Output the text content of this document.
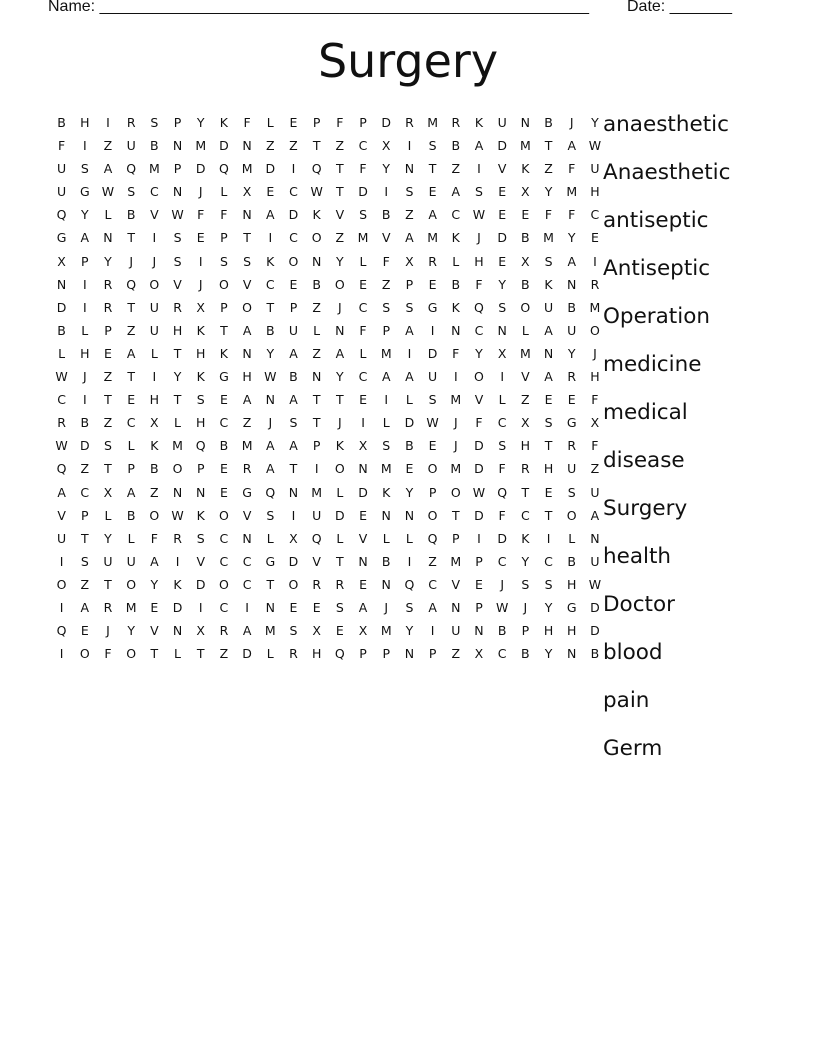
Name: _______________________________________________________

Date: _______

Surgery
B H I R S P Y K F L E P F P D R M R K U N B J Y
F I Z U B N M D N Z Z T Z C X I S B A D M T A W
U S A Q M P D Q M D I Q T F Y N T Z I V K Z F U
U G W S C N J L X E C W T D I S E A S E X Y M H
Q Y L B V W F F N A D K V S B Z A C W E E F F C
G A N T I S E P T I C O Z M V A M K J D B M Y E
X P Y J J S I S S K O N Y L F X R L H E X S A I
N I R Q O V J O V C E B O E Z P E B F Y B K N R
D I R T U R X P O T P Z J C S S G K Q S O U B M
B L P Z U H K T A B U L N F P A I N C N L A U O
L H E A L T H K N Y A Z A L M I D F Y X M N Y J
W J Z T I Y K G H W B N Y C A A U I O I V A R H
C I T E H T S E A N A T T E I L S M V L Z E E F
R B Z C X L H C Z J S T J I L D W J F C X S G X
W D S L K M Q B M A A P K X S B E J D S H T R F
Q Z T P B O P E R A T I O N M E O M D F R H U Z
A C X A Z N N E G Q N M L D K Y P O W Q T E S U
V P L B O W K O V S I U D E N N O T D F C T O A
U T Y L F R S C N L X Q L V L L Q P I D K I L N
I S U U A I V C C G D V T N B I Z M P C Y C B U
O Z T O Y K D O C T O R R E N Q C V E J S S H W
I A R M E D I C I N E E S A J S A N P W J Y G D
Q E J Y V N X R A M S X E X M Y I U N B P H H D
I O F O T L T Z D L R H Q P P N P Z X C B Y N B
anaesthetic
Anaesthetic
antiseptic
Antiseptic
Operation
medicine
medical
disease
Surgery
health
Doctor
blood
pain
Germ
